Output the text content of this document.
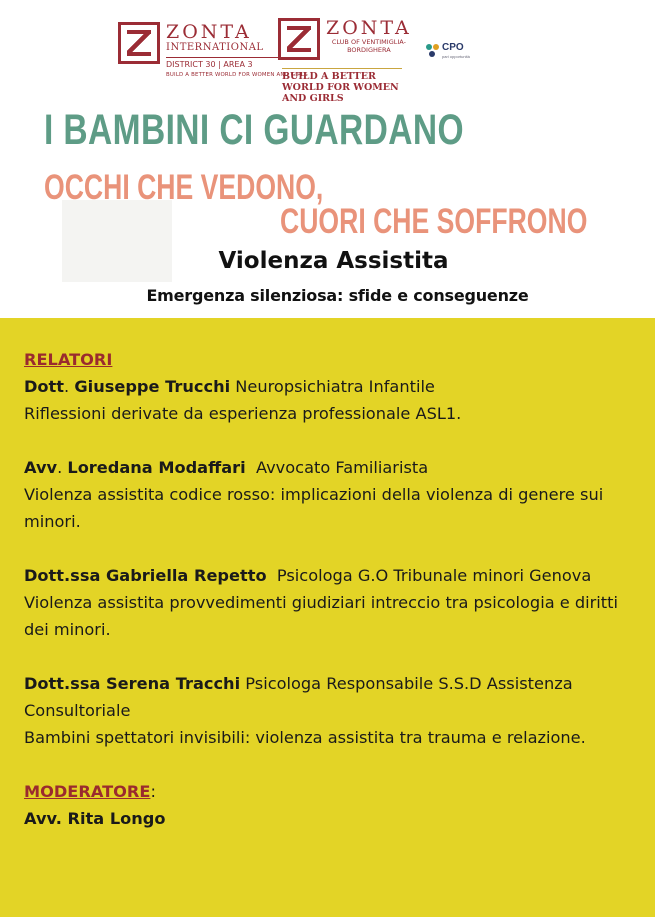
ZONTA
INTERNATIONAL
DISTRICT 30 | AREA 3
BUILD A BETTER WORLD FOR WOMEN AND GIRLS
ZONTA
CLUB OF VENTIMIGLIA-
BORDIGHERA
BUILD A BETTER WORLD FOR WOMEN AND GIRLS
CPO
pari opportunità
I BAMBINI CI GUARDANO
OCCHI CHE VEDONO,
CUORI CHE SOFFRONO
Violenza Assistita
Emergenza silenziosa: sfide e conseguenze

RELATORI

Dott. Giuseppe Trucchi Neuropsichiatra Infantile

Riflessioni derivate da esperienza professionale ASL1.

Avv. Loredana Modaffari  Avvocato Familiarista

Violenza assistita codice rosso: implicazioni della violenza di genere sui minori.

Dott.ssa Gabriella Repetto  Psicologa G.O Tribunale minori Genova

Violenza assistita provvedimenti giudiziari intreccio tra psicologia e diritti dei minori.

Dott.ssa Serena Tracchi Psicologa Responsabile S.S.D Assistenza Consultoriale

Bambini spettatori invisibili: violenza assistita tra trauma e relazione.

MODERATORE:

Avv. Rita Longo
